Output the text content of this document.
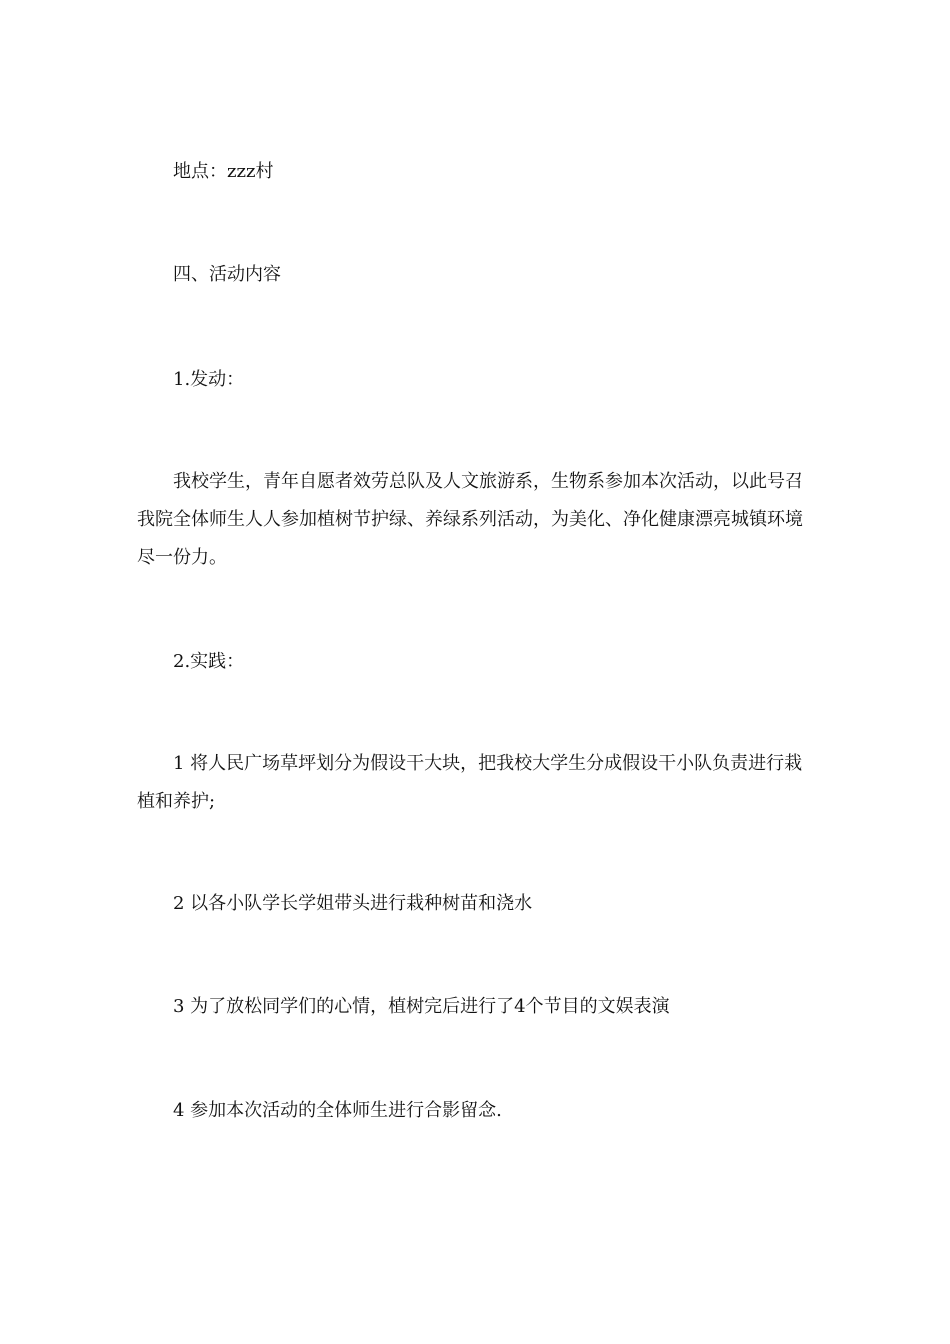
地点：zzz村

四、活动内容

1.发动：

我校学生，青年自愿者效劳总队及人文旅游系，生物系参加本次活动，以此号召我院全体师生人人参加植树节护绿、养绿系列活动，为美化、净化健康漂亮城镇环境尽一份力。

2.实践：

1 将人民广场草坪划分为假设干大块，把我校大学生分成假设干小队负责进行栽植和养护;

2 以各小队学长学姐带头进行栽种树苗和浇水

3 为了放松同学们的心情，植树完后进行了4个节目的文娱表演

4 参加本次活动的全体师生进行合影留念.
